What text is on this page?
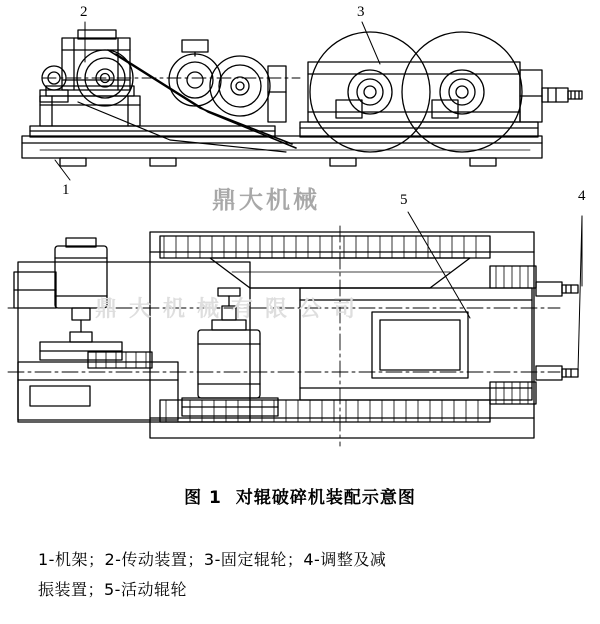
鼎大机械
鼎大机械有限公司
1
2	3
4
5
图 1 对辊破碎机装配示意图
1-机架；2-传动装置；3-固定辊轮；4-调整及减
振装置；5-活动辊轮
